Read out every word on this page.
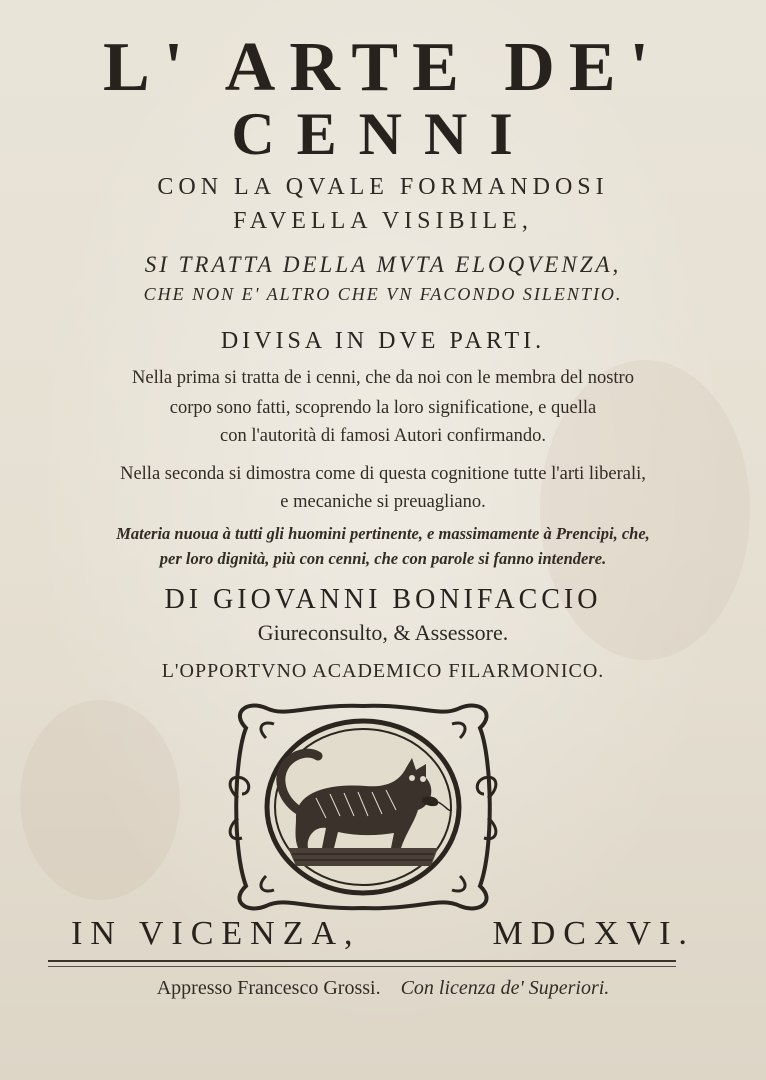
L' ARTE DE'
CENNI
CON LA QVALE FORMANDOSI
FAVELLA VISIBILE,
SI TRATTA DELLA MVTA ELOQVENZA,
CHE NON E' ALTRO CHE VN FACONDO SILENTIO.
DIVISA IN DVE PARTI.
Nella prima si tratta de i cenni, che da noi con le membra del nostro
corpo sono fatti, scoprendo la loro significatione, e quella
con l'autorità di famosi Autori confirmando.
Nella seconda si dimostra come di questa cognitione tutte l'arti liberali,
e mecaniche si preuagliano.
Materia nuoua à tutti gli huomini pertinente, e massimamente à Prencipi, che,
per loro dignità, più con cenni, che con parole si fanno intendere.
DI GIOVANNI BONIFACCIO
Giureconsulto, & Assessore.
L'OPPORTVNO ACADEMICO FILARMONICO.
IN VICENZA,        MDCXVI.
Appresso Francesco Grossi. Con licenza de' Superiori.
